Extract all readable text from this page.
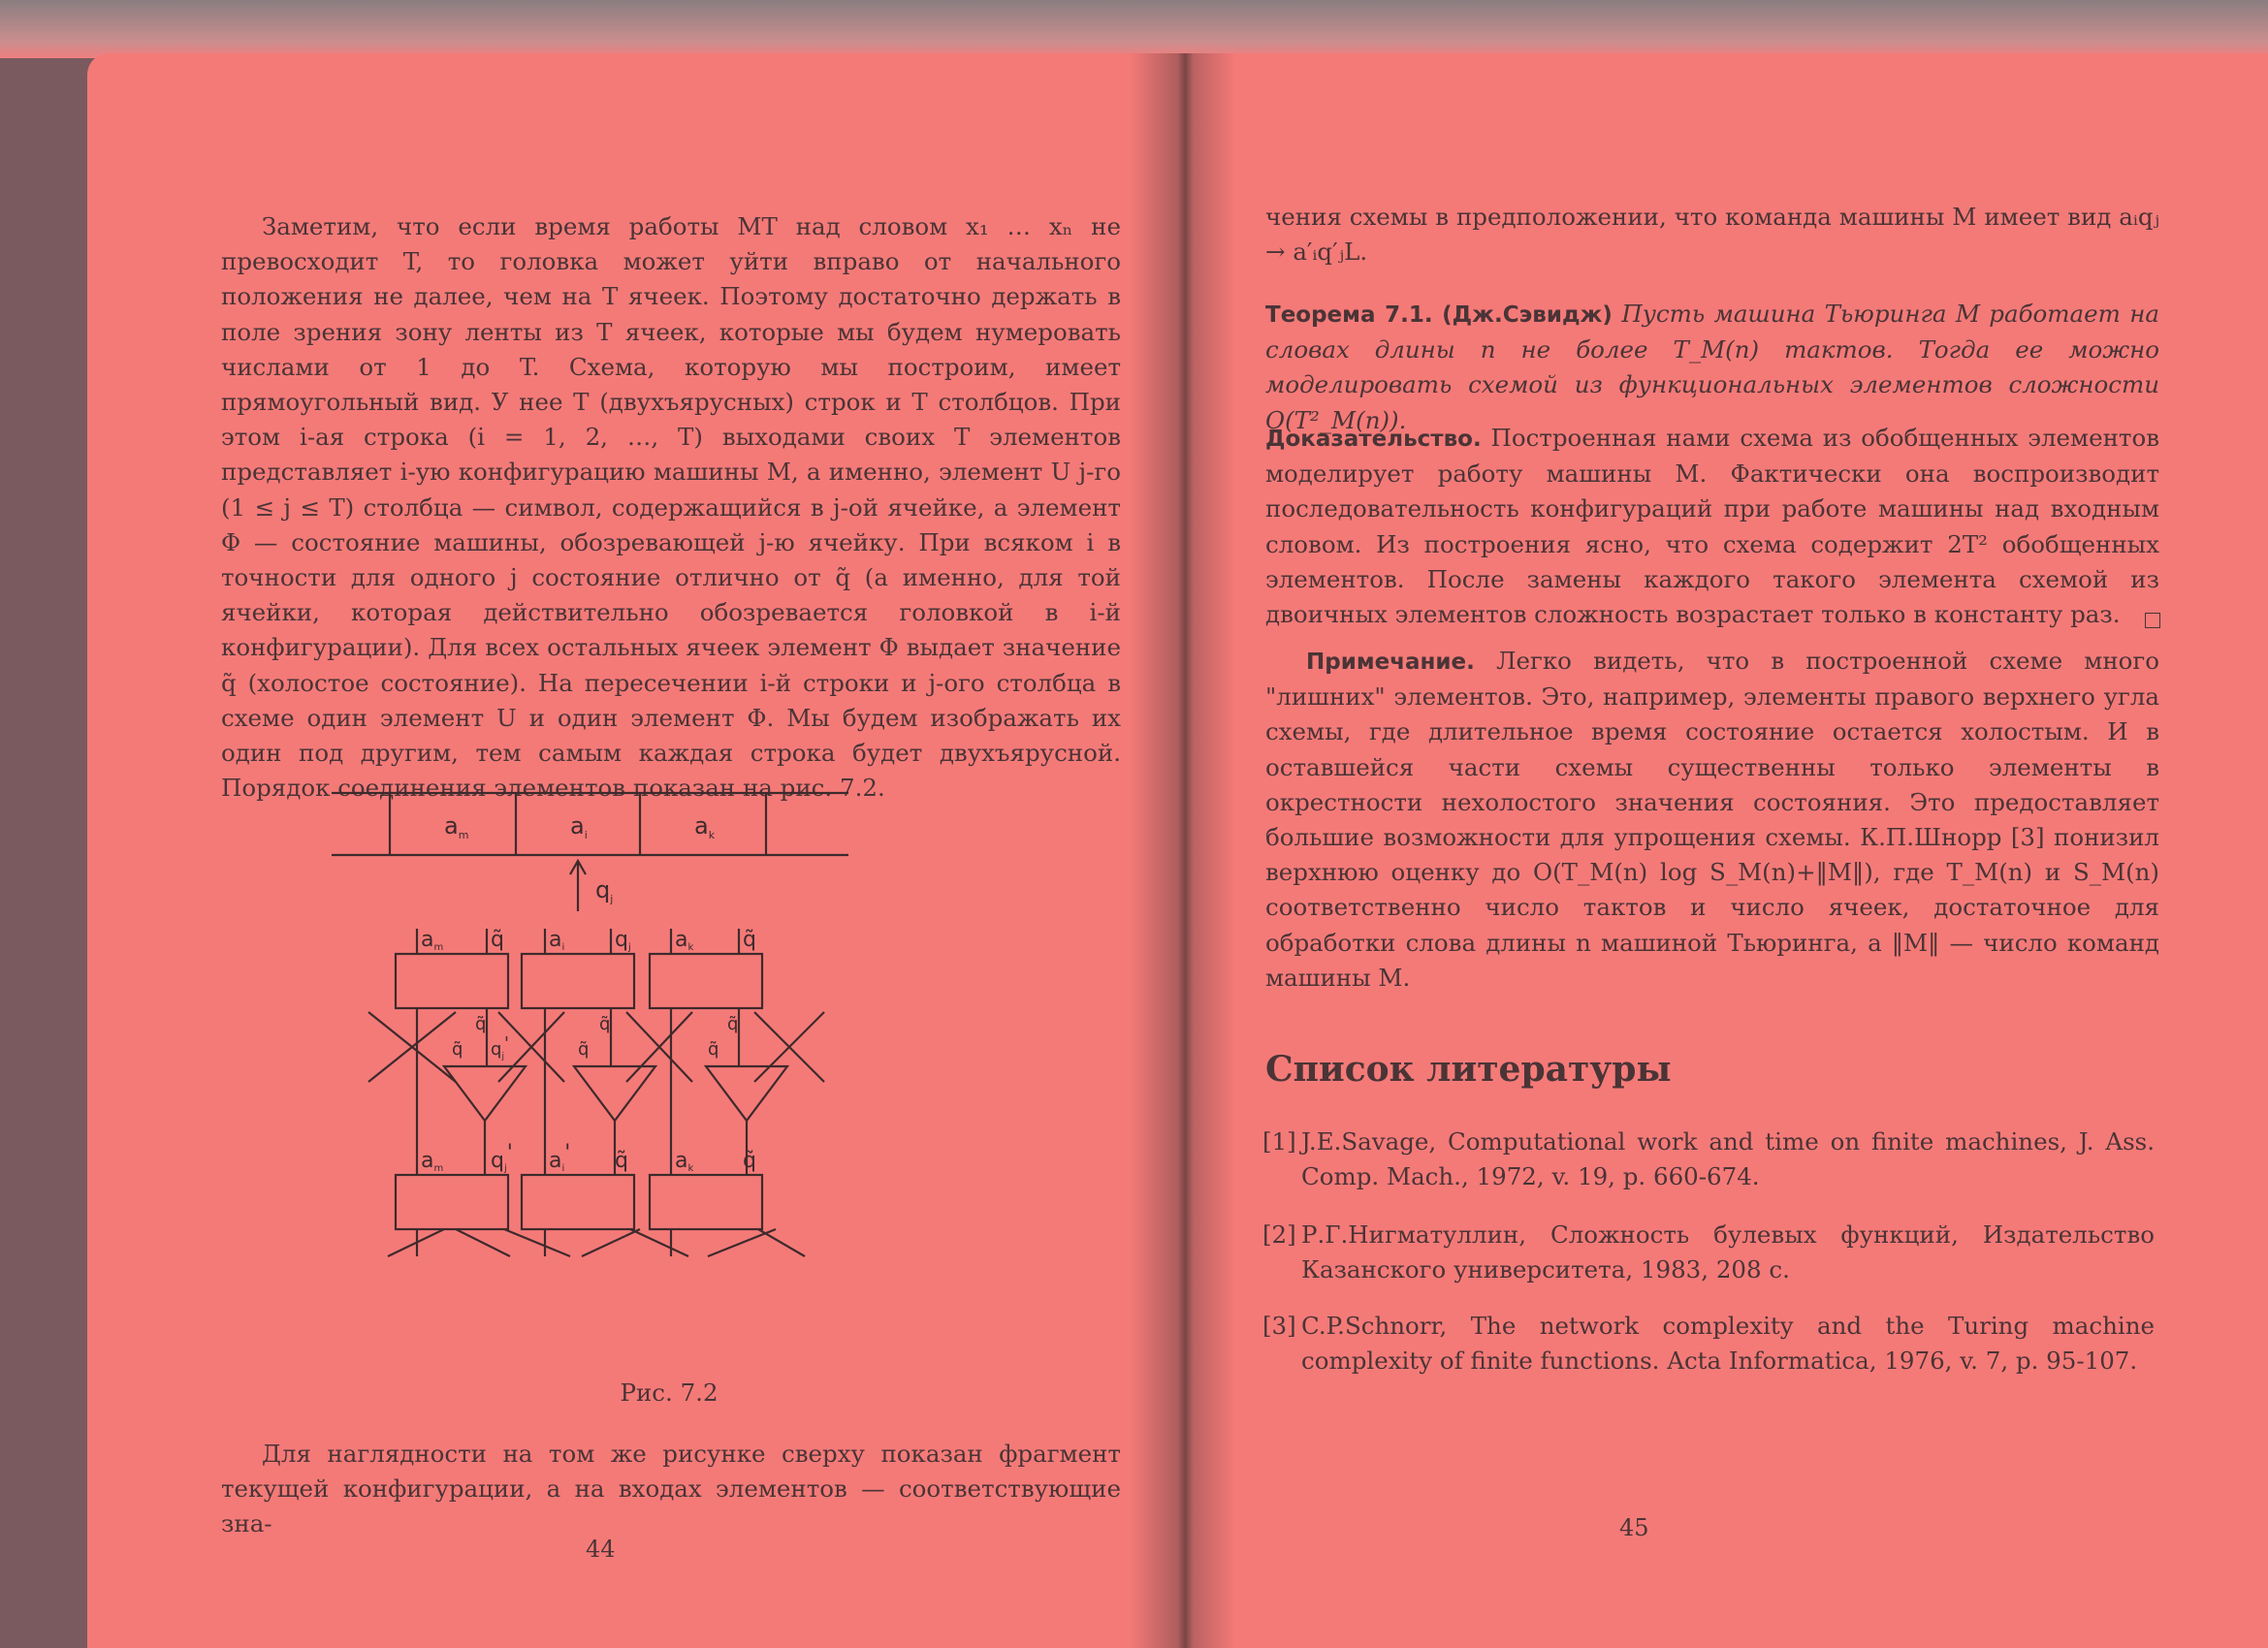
Заметим, что если время работы МТ над словом x₁ … xₙ не превосходит T, то головка может уйти вправо от начального положения не далее, чем на T ячеек. Поэтому достаточно держать в поле зрения зону ленты из T ячеек, которые мы будем нумеровать числами от 1 до T. Схема, которую мы построим, имеет прямоугольный вид. У нее T (двухъярусных) строк и T столбцов. При этом i-ая строка (i = 1, 2, …, T) выходами своих T элементов представляет i-ую конфигурацию машины M, а именно, элемент U j-го (1 ≤ j ≤ T) столбца — символ, содержащийся в j-ой ячейке, а элемент Φ — состояние машины, обозревающей j-ю ячейку. При всяком i в точности для одного j состояние отлично от q̃ (а именно, для той ячейки, которая действительно обозревается головкой в i-й конфигурации). Для всех остальных ячеек элемент Φ выдает значение q̃ (холостое состояние). На пересечении i-й строки и j-ого столбца в схеме один элемент U и один элемент Φ. Мы будем изображать их один под другим, тем самым каждая строка будет двухъярусной. Порядок соединения элементов показан на рис. 7.2.

$a_m$	$a_i$	$a_k$
$q_j$
am q̃ ai qj ak q̃
q̃
q̃ $q_j'$
q̃
q̃
q̃
q̃
am qj' ai' q̃ ak q̃
Рис. 7.2

Для наглядности на том же рисунке сверху показан фрагмент текущей конфигурации, а на входах элементов — соответствующие зна-

44

чения схемы в предположении, что команда машины M имеет вид aᵢqⱼ → a′ᵢq′ⱼL.

Теорема 7.1. (Дж.Сэвидж) Пусть машина Тьюринга M работает на словах длины n не более T_M(n) тактов. Тогда ее можно моделировать схемой из функциональных элементов сложности O(T²_M(n)).

Доказательство. Построенная нами схема из обобщенных элементов моделирует работу машины M. Фактически она воспроизводит последовательность конфигураций при работе машины над входным словом. Из построения ясно, что схема содержит 2T² обобщенных элементов. После замены каждого такого элемента схемой из двоичных элементов сложность возрастает только в константу раз.

Примечание. Легко видеть, что в построенной схеме много "лишних" элементов. Это, например, элементы правого верхнего угла схемы, где длительное время состояние остается холостым. И в оставшейся части схемы существенны только элементы в окрестности нехолостого значения состояния. Это предоставляет большие возможности для упрощения схемы. К.П.Шнорр [3] понизил верхнюю оценку до O(T_M(n) log S_M(n)+‖M‖), где T_M(n) и S_M(n) соответственно число тактов и число ячеек, достаточное для обработки слова длины n машиной Тьюринга, а ‖M‖ — число команд машины M.

Список литературы
[1] J.E.Savage, Computational work and time on finite machines, J. Ass. Comp. Mach., 1972, v. 19, p. 660-674.
[2] Р.Г.Нигматуллин, Сложность булевых функций, Издательство Казанского университета, 1983, 208 с.
[3] C.P.Schnorr, The network complexity and the Turing machine complexity of finite functions. Acta Informatica, 1976, v. 7, p. 95-107.
45
